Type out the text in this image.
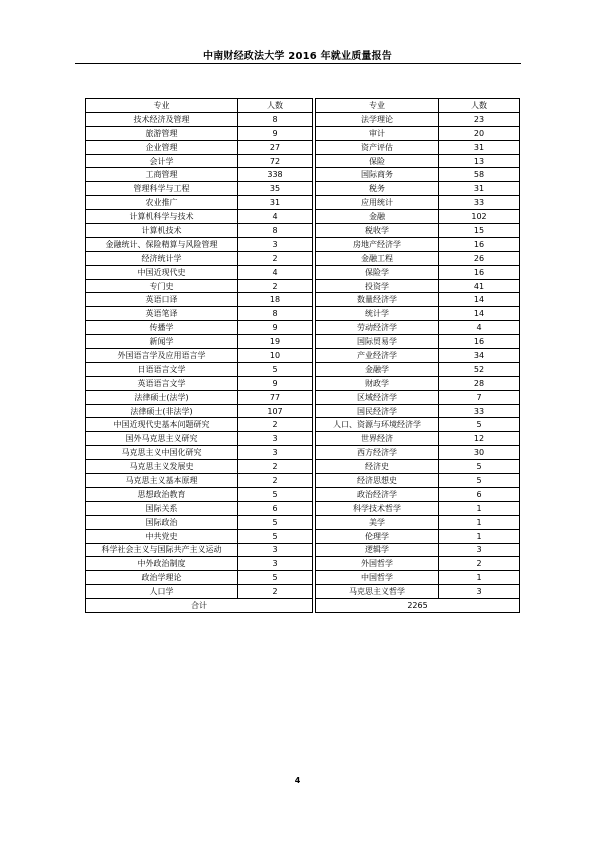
中南财经政法大学 2016 年就业质量报告
专业	人数		专业	人数
技术经济及管理	8		法学理论	23
旅游管理	9		审计	20
企业管理	27		资产评估	31
会计学	72		保险	13
工商管理	338		国际商务	58
管理科学与工程	35		税务	31
农业推广	31		应用统计	33
计算机科学与技术	4		金融	102
计算机技术	8		税收学	15
金融统计、保险精算与风险管理	3		房地产经济学	16
经济统计学	2		金融工程	26
中国近现代史	4		保险学	16
专门史	2		投资学	41
英语口译	18		数量经济学	14
英语笔译	8		统计学	14
传播学	9		劳动经济学	4
新闻学	19		国际贸易学	16
外国语言学及应用语言学	10		产业经济学	34
日语语言文学	5		金融学	52
英语语言文学	9		财政学	28
法律硕士(法学)	77		区域经济学	7
法律硕士(非法学)	107		国民经济学	33
中国近现代史基本问题研究	2		人口、资源与环境经济学	5
国外马克思主义研究	3		世界经济	12
马克思主义中国化研究	3		西方经济学	30
马克思主义发展史	2		经济史	5
马克思主义基本原理	2		经济思想史	5
思想政治教育	5		政治经济学	6
国际关系	6		科学技术哲学	1
国际政治	5		美学	1
中共党史	5		伦理学	1
科学社会主义与国际共产主义运动	3		逻辑学	3
中外政治制度	3		外国哲学	2
政治学理论	5		中国哲学	1
人口学	2		马克思主义哲学	3
合计			2265	
4
